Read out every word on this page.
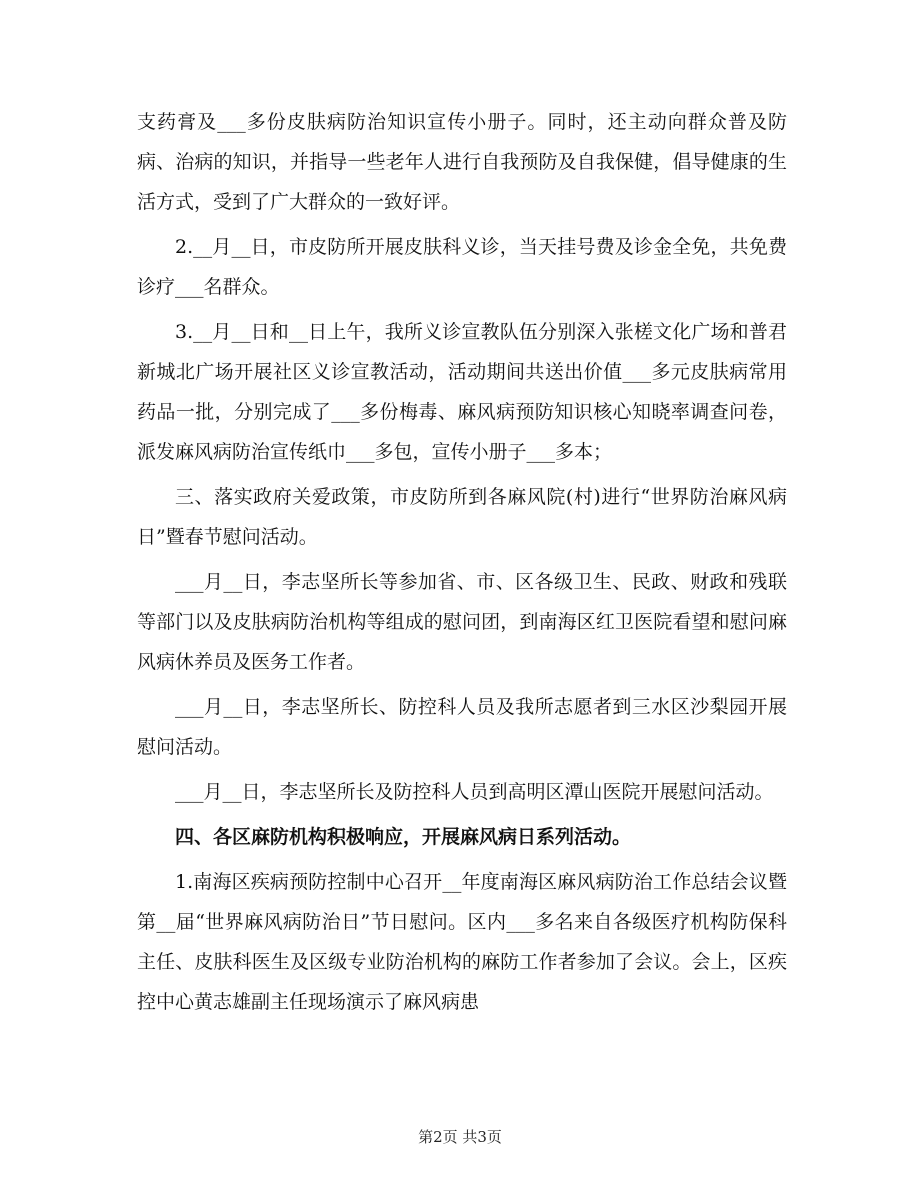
支药膏及___多份皮肤病防治知识宣传小册子。同时，还主动向群众普及防病、治病的知识，并指导一些老年人进行自我预防及自我保健，倡导健康的生活方式，受到了广大群众的一致好评。

2.__月__日，市皮防所开展皮肤科义诊，当天挂号费及诊金全免，共免费诊疗___名群众。

3.__月__日和__日上午，我所义诊宣教队伍分别深入张槎文化广场和普君新城北广场开展社区义诊宣教活动，活动期间共送出价值___多元皮肤病常用药品一批，分别完成了___多份梅毒、麻风病预防知识核心知晓率调查问卷，派发麻风病防治宣传纸巾___多包，宣传小册子___多本；

三、落实政府关爱政策，市皮防所到各麻风院(村)进行“世界防治麻风病日”暨春节慰问活动。

___月__日，李志坚所长等参加省、市、区各级卫生、民政、财政和残联等部门以及皮肤病防治机构等组成的慰问团，到南海区红卫医院看望和慰问麻风病休养员及医务工作者。

___月__日，李志坚所长、防控科人员及我所志愿者到三水区沙梨园开展慰问活动。

___月__日，李志坚所长及防控科人员到高明区潭山医院开展慰问活动。

四、各区麻防机构积极响应，开展麻风病日系列活动。

1.南海区疾病预防控制中心召开__年度南海区麻风病防治工作总结会议暨第__届“世界麻风病防治日”节日慰问。区内___多名来自各级医疗机构防保科主任、皮肤科医生及区级专业防治机构的麻防工作者参加了会议。会上，区疾控中心黄志雄副主任现场演示了麻风病患

第2页 共3页
